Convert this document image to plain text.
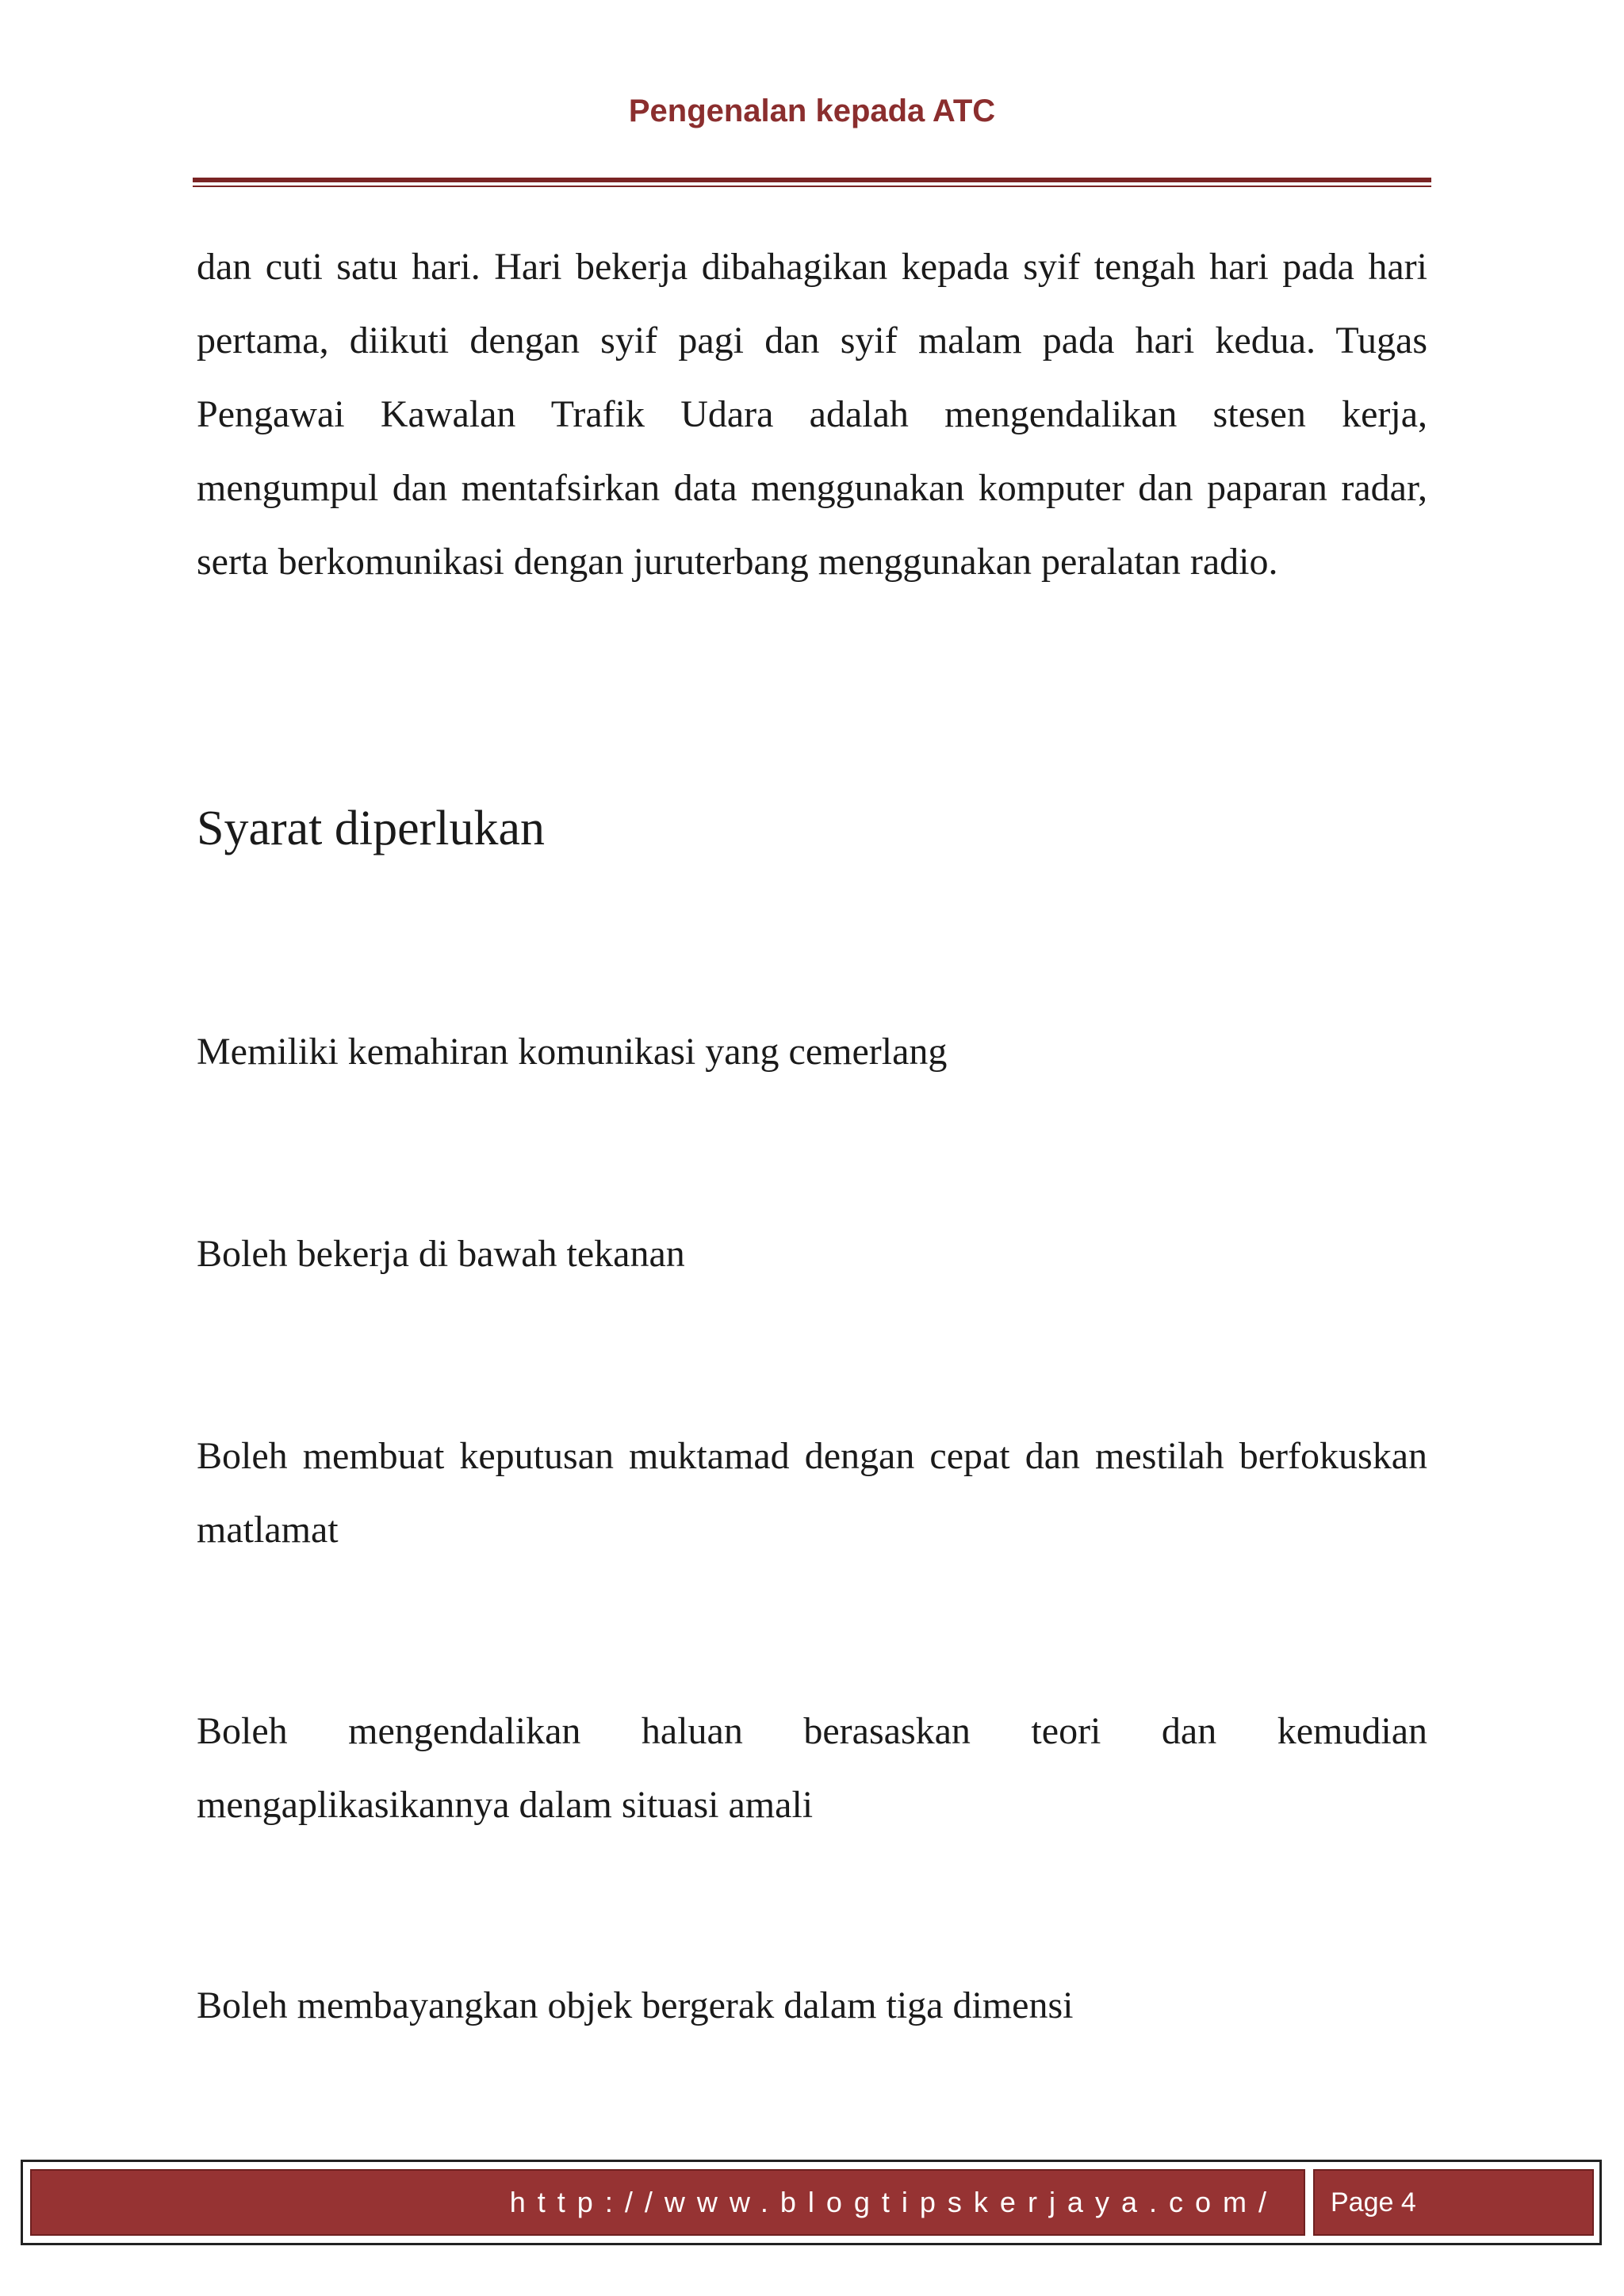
Pengenalan kepada ATC

dan cuti satu hari. Hari bekerja dibahagikan kepada syif tengah hari pada hari pertama, diikuti dengan syif pagi dan syif malam pada hari kedua. Tugas Pengawai Kawalan Trafik Udara adalah mengendalikan stesen kerja, mengumpul dan mentafsirkan data menggunakan komputer dan paparan radar, serta berkomunikasi dengan juruterbang menggunakan peralatan radio.

Syarat diperlukan

Memiliki kemahiran komunikasi yang cemerlang

Boleh bekerja di bawah tekanan

Boleh membuat keputusan muktamad dengan cepat dan mestilah berfokuskan matlamat

Boleh mengendalikan haluan berasaskan teori dan kemudian mengaplikasikannya dalam situasi amali

Boleh membayangkan objek bergerak dalam tiga dimensi

http://www.blogtipskerjaya.com/ Page 4
